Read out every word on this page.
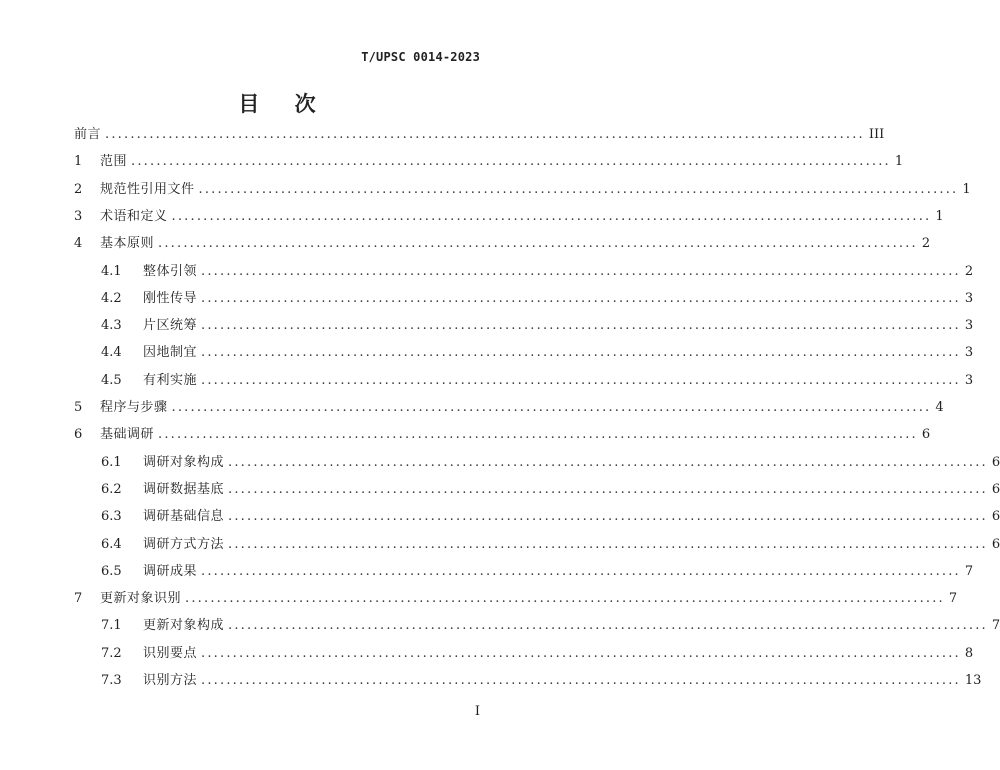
T/UPSC 0014-2023
目 次
前言 ........................................................................................................................ III
1	范围 ........................................................................................................................ 1
2	规范性引用文件 ........................................................................................................................ 1
3	术语和定义 ........................................................................................................................ 1
4	基本原则 ........................................................................................................................ 2
4.1	整体引领 ........................................................................................................................ 2
4.2	刚性传导 ........................................................................................................................ 3
4.3	片区统筹 ........................................................................................................................ 3
4.4	因地制宜 ........................................................................................................................ 3
4.5	有利实施 ........................................................................................................................ 3
5	程序与步骤 ........................................................................................................................ 4
6	基础调研 ........................................................................................................................ 6
6.1	调研对象构成 ........................................................................................................................ 6
6.2	调研数据基底 ........................................................................................................................ 6
6.3	调研基础信息 ........................................................................................................................ 6
6.4	调研方式方法 ........................................................................................................................ 6
6.5	调研成果 ........................................................................................................................ 7
7	更新对象识别 ........................................................................................................................ 7
7.1	更新对象构成 ........................................................................................................................ 7
7.2	识别要点 ........................................................................................................................ 8
7.3	识别方法 ........................................................................................................................ 13
I
